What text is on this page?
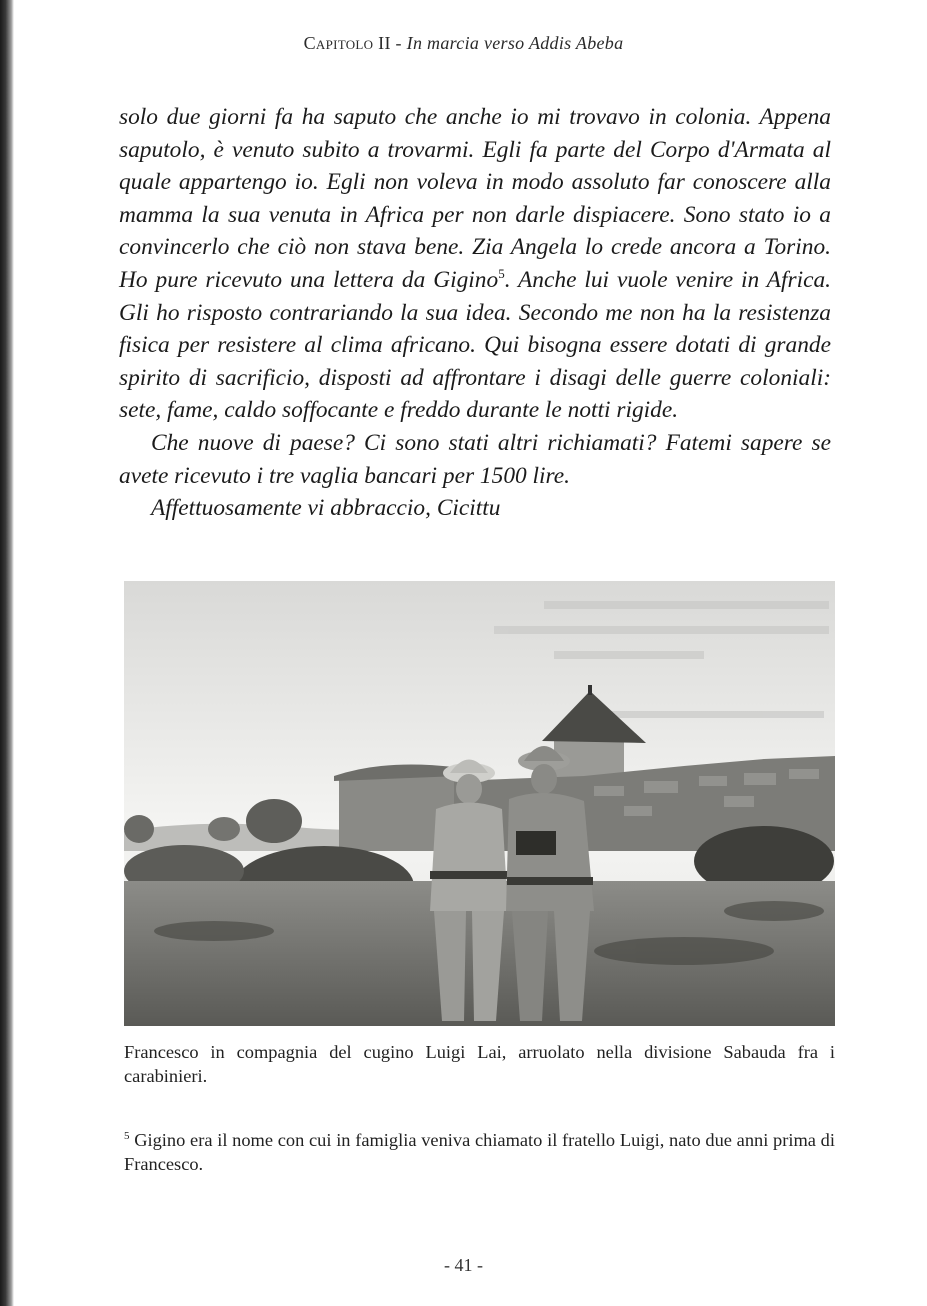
Capitolo II - In marcia verso Addis Abeba

solo due giorni fa ha saputo che anche io mi trovavo in colonia. Appena saputolo, è venuto subito a trovarmi. Egli fa parte del Corpo d'Armata al quale appartengo io. Egli non voleva in modo assoluto far conoscere alla mamma la sua venuta in Africa per non darle dispiacere. Sono stato io a convincerlo che ciò non stava bene. Zia Angela lo crede ancora a Torino. Ho pure ricevuto una lettera da Gigino$^5$. Anche lui vuole venire in Africa. Gli ho risposto contrariando la sua idea. Secondo me non ha la resistenza fisica per resistere al clima africano. Qui bisogna essere dotati di grande spirito di sacrificio, disposti ad affrontare i disagi delle guerre coloniali: sete, fame, caldo soffocante e freddo durante le notti rigide.

Che nuove di paese? Ci sono stati altri richiamati? Fatemi sapere se avete ricevuto i tre vaglia bancari per 1500 lire.

Affettuosamente vi abbraccio, Cicittu

Francesco in compagnia del cugino Luigi Lai, arruolato nella divisione Sabauda fra i carabinieri.
$^5$ Gigino era il nome con cui in famiglia veniva chiamato il fratello Luigi, nato due anni prima di Francesco.
- 41 -
